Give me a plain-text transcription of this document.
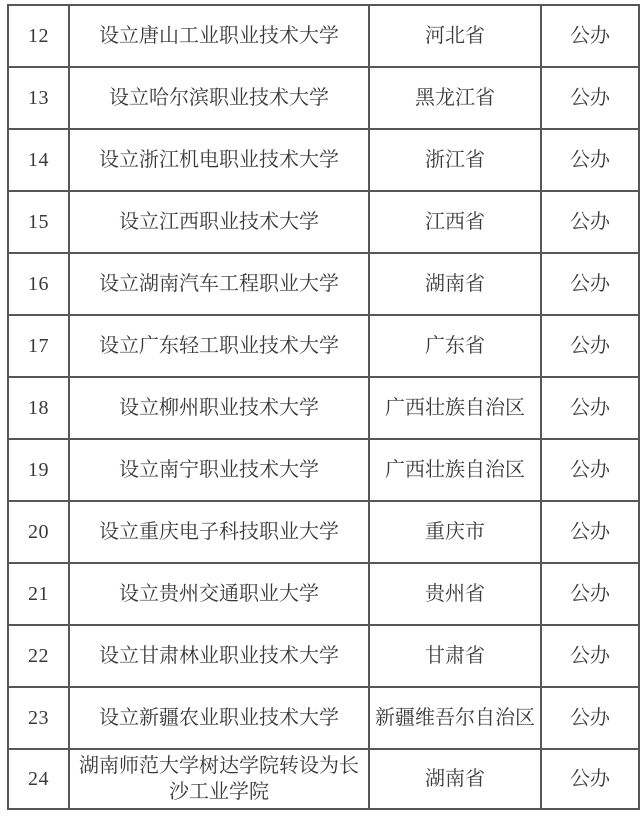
12	设立唐山工业职业技术大学	河北省	公办
13	设立哈尔滨职业技术大学	黑龙江省	公办
14	设立浙江机电职业技术大学	浙江省	公办
15	设立江西职业技术大学	江西省	公办
16	设立湖南汽车工程职业大学	湖南省	公办
17	设立广东轻工职业技术大学	广东省	公办
18	设立柳州职业技术大学	广西壮族自治区	公办
19	设立南宁职业技术大学	广西壮族自治区	公办
20	设立重庆电子科技职业大学	重庆市	公办
21	设立贵州交通职业大学	贵州省	公办
22	设立甘肃林业职业技术大学	甘肃省	公办
23	设立新疆农业职业技术大学	新疆维吾尔自治区	公办
24	湖南师范大学树达学院转设为长沙工业学院	湖南省	公办
